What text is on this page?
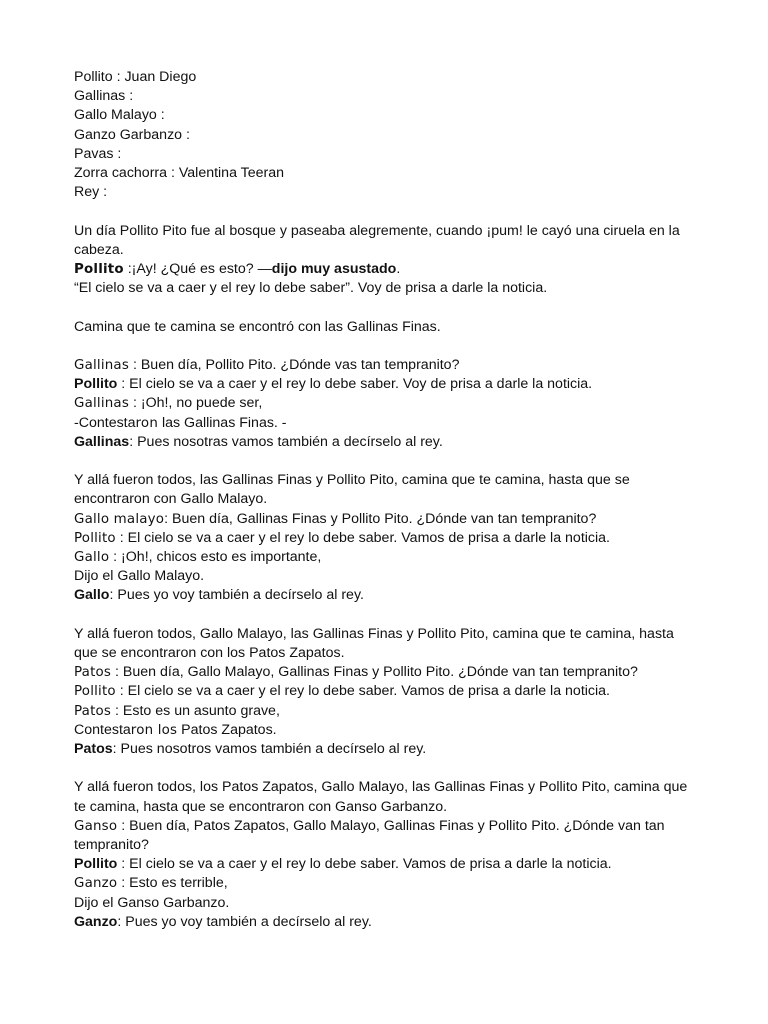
Pollito : Juan Diego
Gallinas :
Gallo Malayo :
Ganzo Garbanzo :
Pavas :
Zorra cachorra : Valentina Teeran
Rey :
Un día Pollito Pito fue al bosque y paseaba alegremente, cuando ¡pum! le cayó una ciruela en la cabeza.
Pollito :¡Ay! ¿Qué es esto? —dijo muy asustado.
“El cielo se va a caer y el rey lo debe saber”. Voy de prisa a darle la noticia.
Camina que te camina se encontró con las Gallinas Finas.
Gallinas : Buen día, Pollito Pito. ¿Dónde vas tan tempranito?
Pollito : El cielo se va a caer y el rey lo debe saber. Voy de prisa a darle la noticia.
Gallinas : ¡Oh!, no puede ser,
-Contestaron las Gallinas Finas. -
Gallinas: Pues nosotras vamos también a decírselo al rey.
Y allá fueron todos, las Gallinas Finas y Pollito Pito, camina que te camina, hasta que se encontraron con Gallo Malayo.
Gallo malayo: Buen día, Gallinas Finas y Pollito Pito. ¿Dónde van tan tempranito?
Pollito : El cielo se va a caer y el rey lo debe saber. Vamos de prisa a darle la noticia.
Gallo : ¡Oh!, chicos esto es importante,
Dijo el Gallo Malayo.
Gallo: Pues yo voy también a decírselo al rey.
Y allá fueron todos, Gallo Malayo, las Gallinas Finas y Pollito Pito, camina que te camina, hasta que se encontraron con los Patos Zapatos.
Patos : Buen día, Gallo Malayo, Gallinas Finas y Pollito Pito. ¿Dónde van tan tempranito?
Pollito : El cielo se va a caer y el rey lo debe saber. Vamos de prisa a darle la noticia.
Patos : Esto es un asunto grave,
Contestaron los Patos Zapatos.
Patos: Pues nosotros vamos también a decírselo al rey.
Y allá fueron todos, los Patos Zapatos, Gallo Malayo, las Gallinas Finas y Pollito Pito, camina que te camina, hasta que se encontraron con Ganso Garbanzo.
Ganso : Buen día, Patos Zapatos, Gallo Malayo, Gallinas Finas y Pollito Pito. ¿Dónde van tan tempranito?
Pollito : El cielo se va a caer y el rey lo debe saber. Vamos de prisa a darle la noticia.
Ganzo : Esto es terrible,
Dijo el Ganso Garbanzo.
Ganzo: Pues yo voy también a decírselo al rey.
